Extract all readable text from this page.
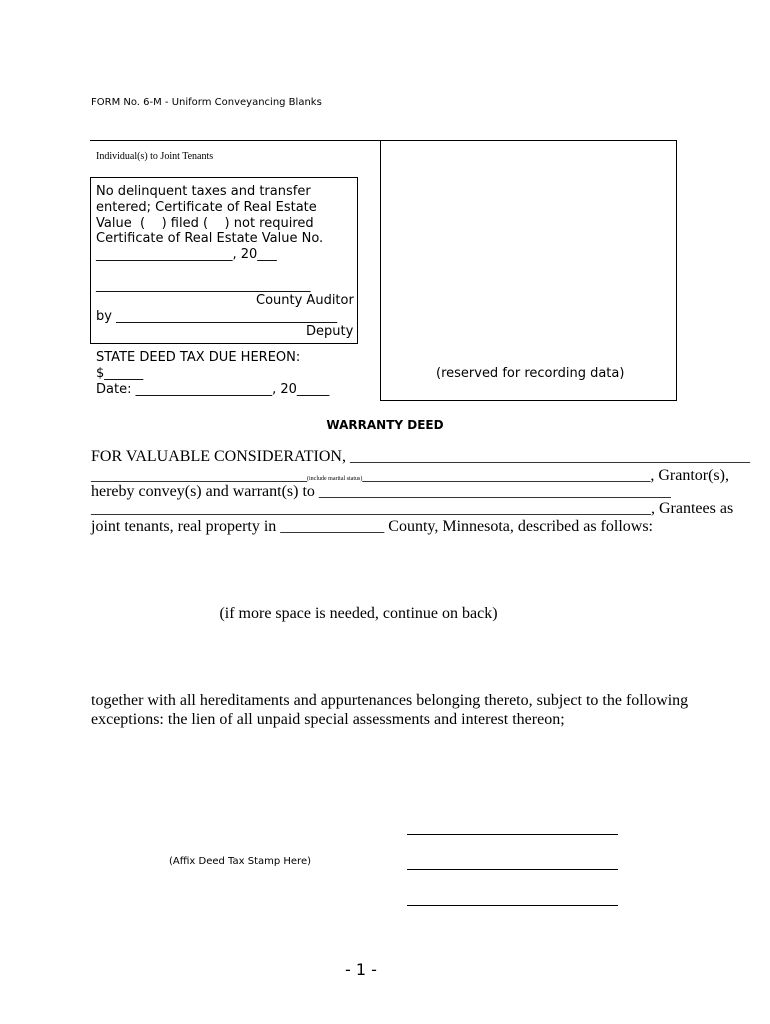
FORM No. 6-M - Uniform Conveyancing Blanks
Individual(s) to Joint Tenants
No delinquent taxes and transfer
entered; Certificate of Real Estate
Value  (    ) filed (    ) not required
Certificate of Real Estate Value No.
_____________________, 20___
_________________________________
County Auditor
by __________________________________
Deputy
STATE DEED TAX DUE HEREON:
$______
Date: _____________________, 20_____
(reserved for recording data)
WARRANTY DEED
FOR VALUABLE CONSIDERATION, __________________________________________________
___________________________(include marital status)____________________________________, Grantor(s),
hereby convey(s) and warrant(s) to ____________________________________________
______________________________________________________________________, Grantees as
joint tenants, real property in _____________ County, Minnesota, described as follows:
(if more space is needed, continue on back)
together with all hereditaments and appurtenances belonging thereto, subject to the following
exceptions: the lien of all unpaid special assessments and interest thereon;
(Affix Deed Tax Stamp Here)
- 1 -
